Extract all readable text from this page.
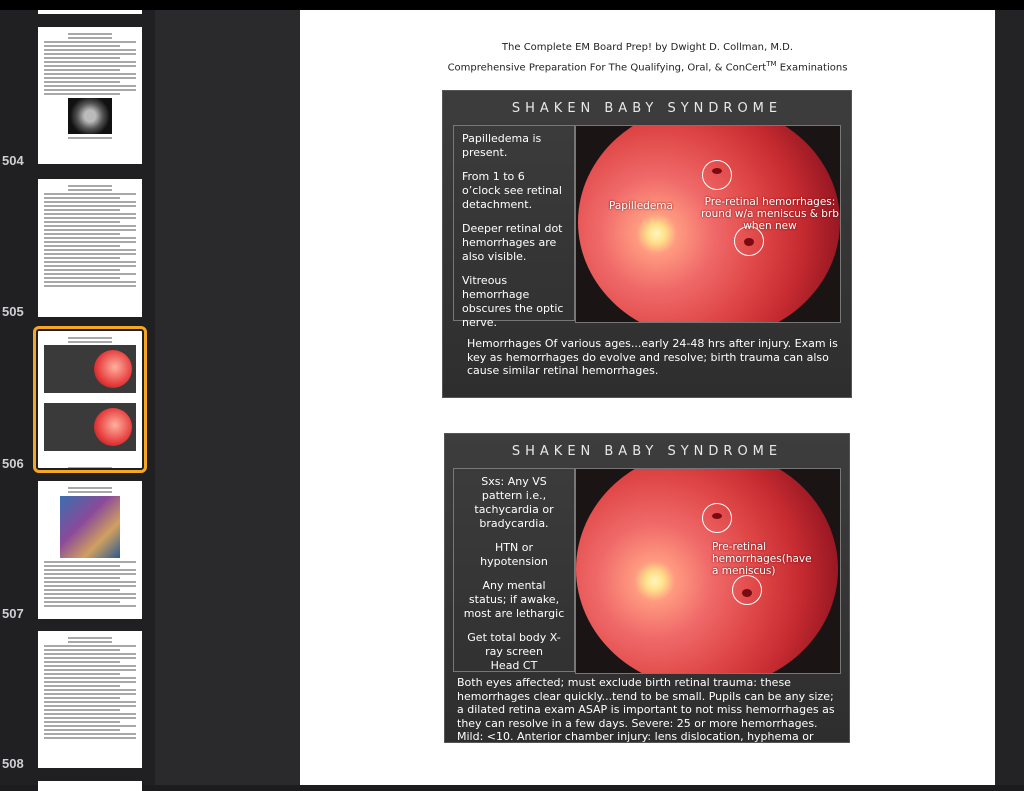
504
505
506
507
508
The Complete EM Board Prep! by Dwight D. Collman, M.D.
Comprehensive Preparation For The Qualifying, Oral, & ConCert™ Examinations
SHAKEN BABY SYNDROME

Papilledema is present.

From 1 to 6 o’clock see retinal detachment.

Deeper retinal dot hemorrhages are also visible.

Vitreous hemorrhage obscures the optic nerve.

Papilledema	Pre-retinal hemorrhages: round w/a meniscus & brb when new
Hemorrhages Of various ages...early 24-48 hrs after injury. Exam is key as hemorrhages do evolve and resolve; birth trauma can also cause similar retinal hemorrhages.
SHAKEN BABY SYNDROME

Sxs: Any VS pattern i.e., tachycardia or bradycardia.

HTN or hypotension

Any mental status; if awake, most are lethargic

Get total body X-ray screen

Head CT

Pre-retinal hemorrhages(have a meniscus)
Both eyes affected; must exclude birth retinal trauma: these hemorrhages clear quickly...tend to be small. Pupils can be any size; a dilated retina exam ASAP is important to not miss hemorrhages as they can resolve in a few days. Severe: 25 or more hemorrhages. Mild: <10. Anterior chamber injury: lens dislocation, hyphema or periorbital bruising can be found.
